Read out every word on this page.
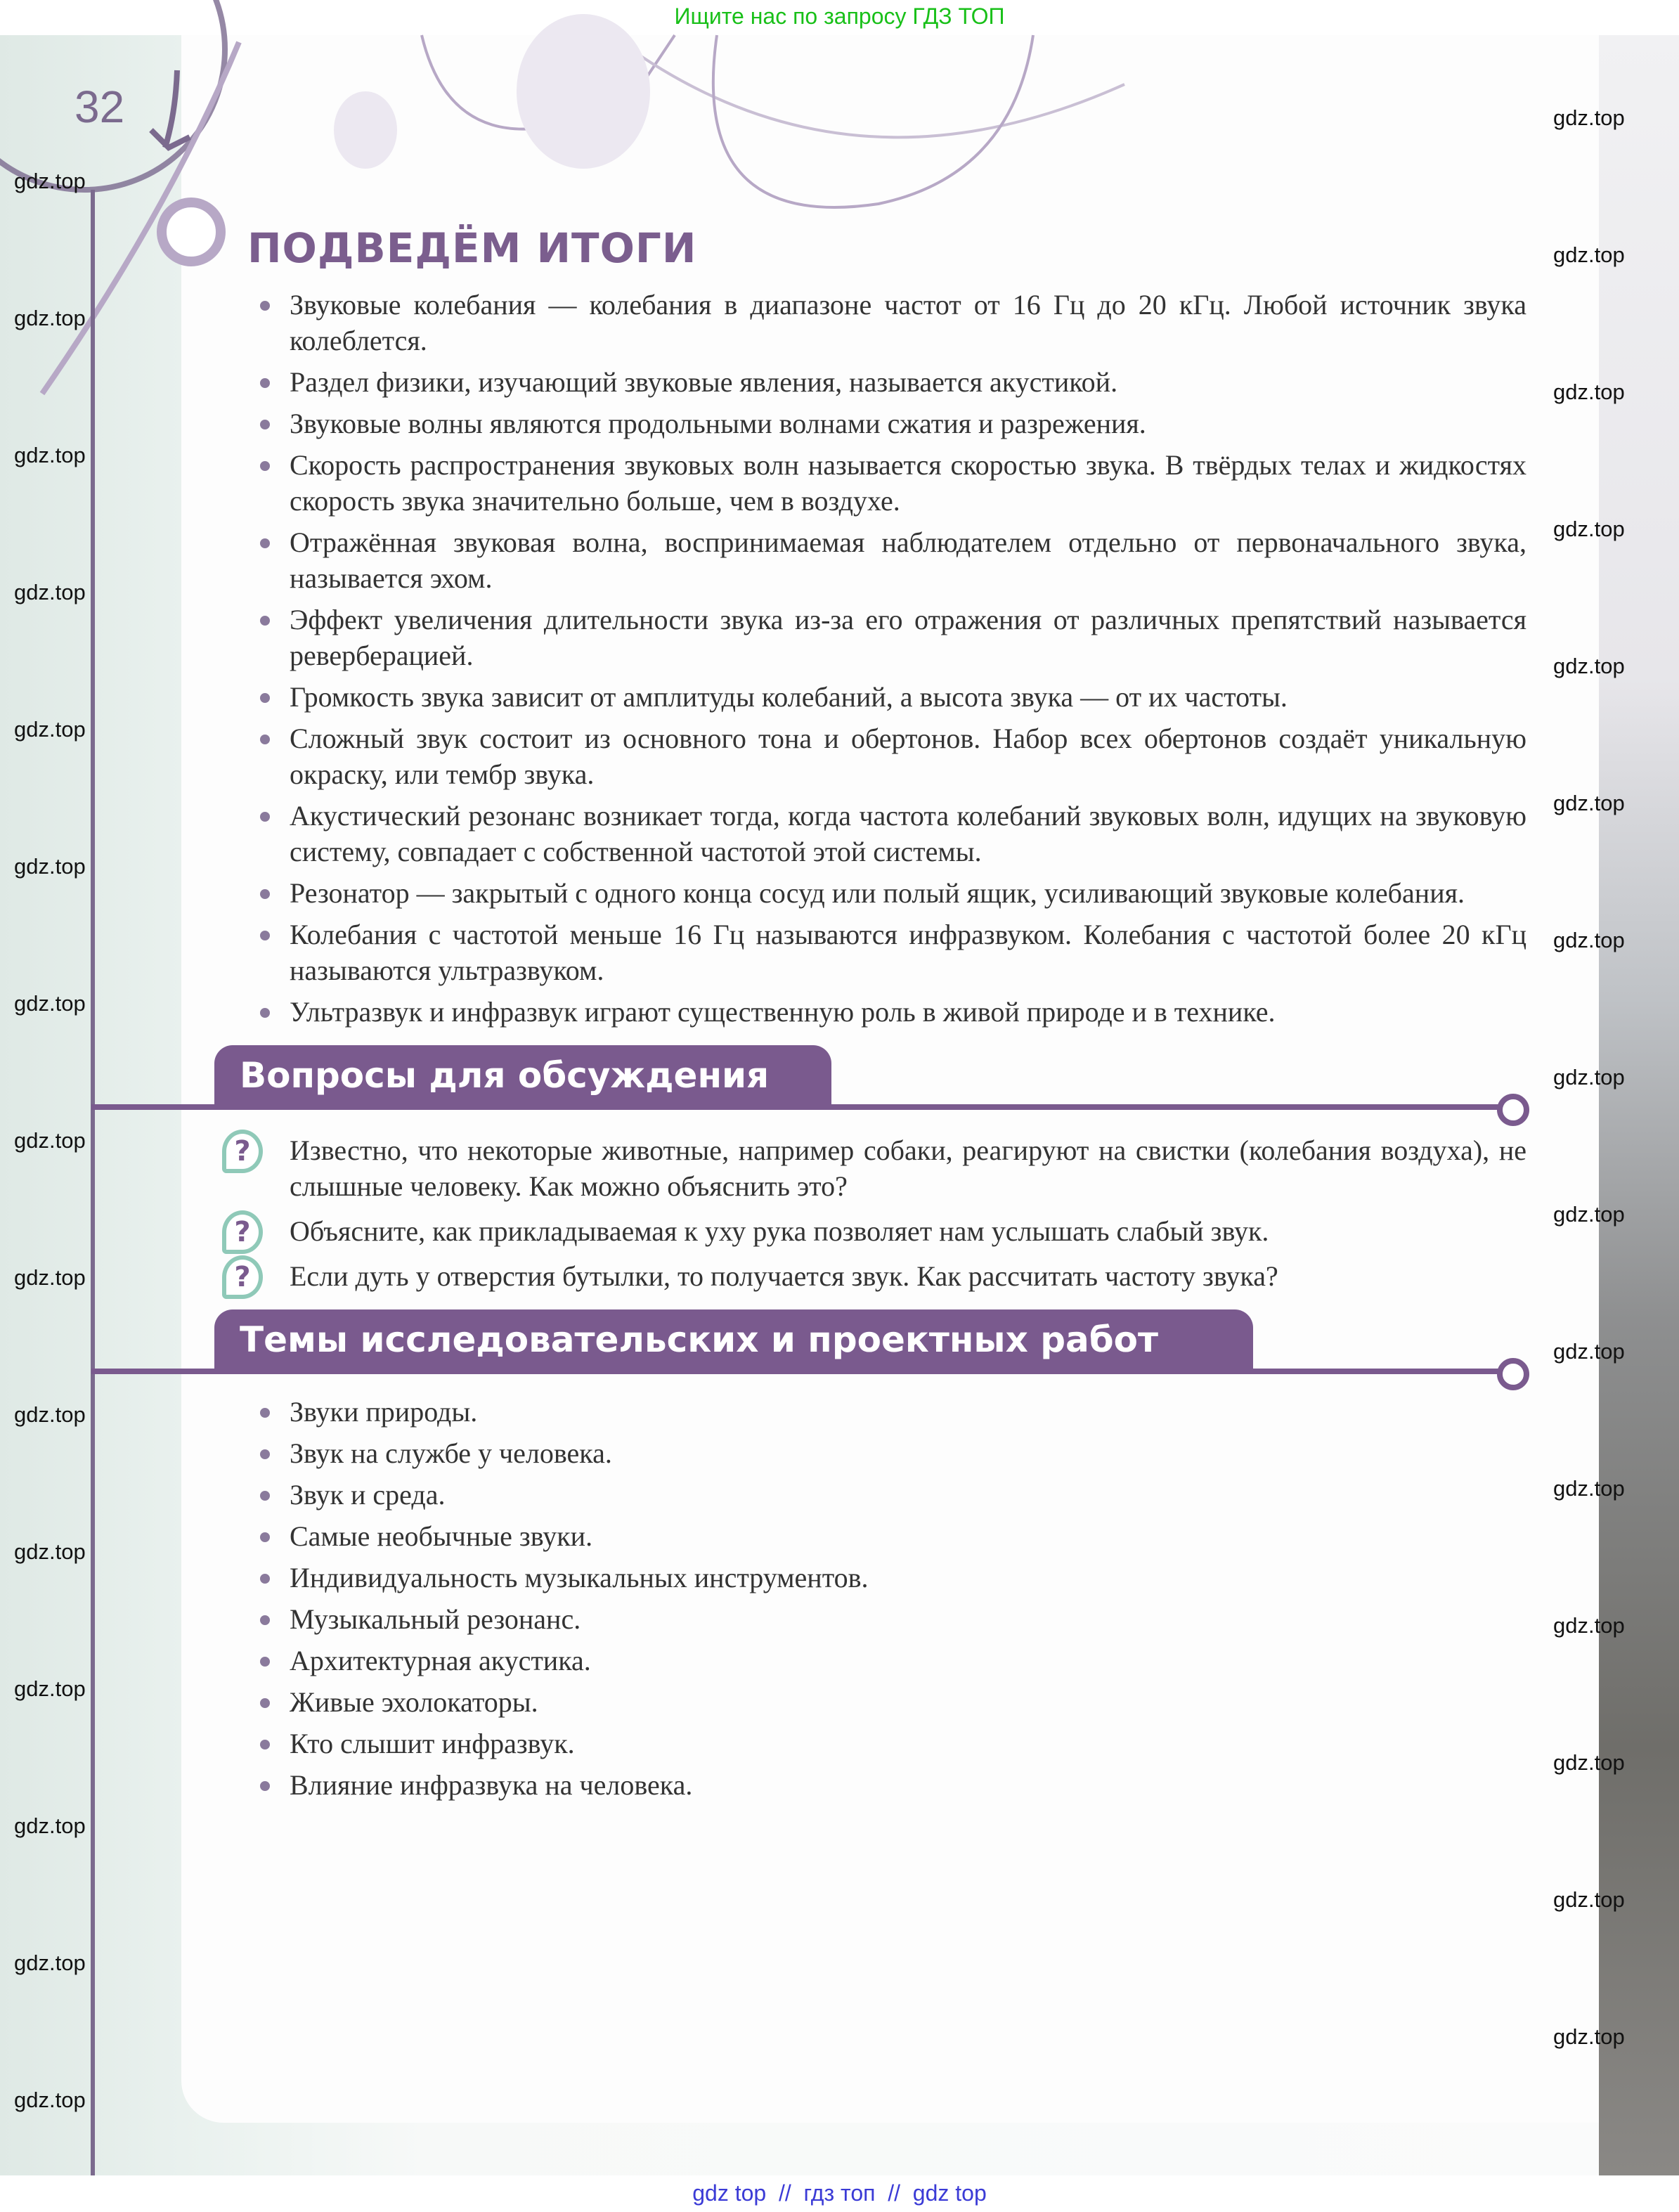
Ищите нас по запросу ГДЗ ТОП
32
ПОДВЕДЁМ ИТОГИ
Звуковые колебания — колебания в диапазоне частот от 16 Гц до 20 кГц. Любой источник звука колеблется.
Раздел физики, изучающий звуковые явления, называется акустикой.
Звуковые волны являются продольными волнами сжатия и разрежения.
Скорость распространения звуковых волн называется скоростью звука. В твёрдых телах и жидкостях скорость звука значительно больше, чем в воздухе.
Отражённая звуковая волна, воспринимаемая наблюдателем отдельно от первоначального звука, называется эхом.
Эффект увеличения длительности звука из-за его отражения от различных препятствий называется реверберацией.
Громкость звука зависит от амплитуды колебаний, а высота звука — от их частоты.
Сложный звук состоит из основного тона и обертонов. Набор всех обертонов создаёт уникальную окраску, или тембр звука.
Акустический резонанс возникает тогда, когда частота колебаний звуковых волн, идущих на звуковую систему, совпадает с собственной частотой этой системы.
Резонатор — закрытый с одного конца сосуд или полый ящик, усиливающий звуковые колебания.
Колебания с частотой меньше 16 Гц называются инфразвуком. Колебания с частотой более 20 кГц называются ультразвуком.
Ультразвук и инфразвук играют существенную роль в живой природе и в технике.
Вопросы для обсуждения
?	Известно, что некоторые животные, например собаки, реагируют на свистки (колебания воздуха), не слышные человеку. Как можно объяснить это?
?	Объясните, как прикладываемая к уху рука позволяет нам услышать слабый звук.
?	Если дуть у отверстия бутылки, то получается звук. Как рассчитать частоту звука?
Темы исследовательских и проектных работ
Звуки природы.
Звук на службе у человека.
Звук и среда.
Самые необычные звуки.
Индивидуальность музыкальных инструментов.
Музыкальный резонанс.
Архитектурная акустика.
Живые эхолокаторы.
Кто слышит инфразвук.
Влияние инфразвука на человека.
gdz.top
gdz.top
gdz.top
gdz.top
gdz.top
gdz.top
gdz.top
gdz.top
gdz.top
gdz.top
gdz.top
gdz.top
gdz.top
gdz.top
gdz.top
gdz.top
gdz.top
gdz.top
gdz.top
gdz.top
gdz.top
gdz.top
gdz.top
gdz.top
gdz.top
gdz.top
gdz.top
gdz.top
gdz.top
gdz.top
gdz top  //  гдз топ  //  gdz top
